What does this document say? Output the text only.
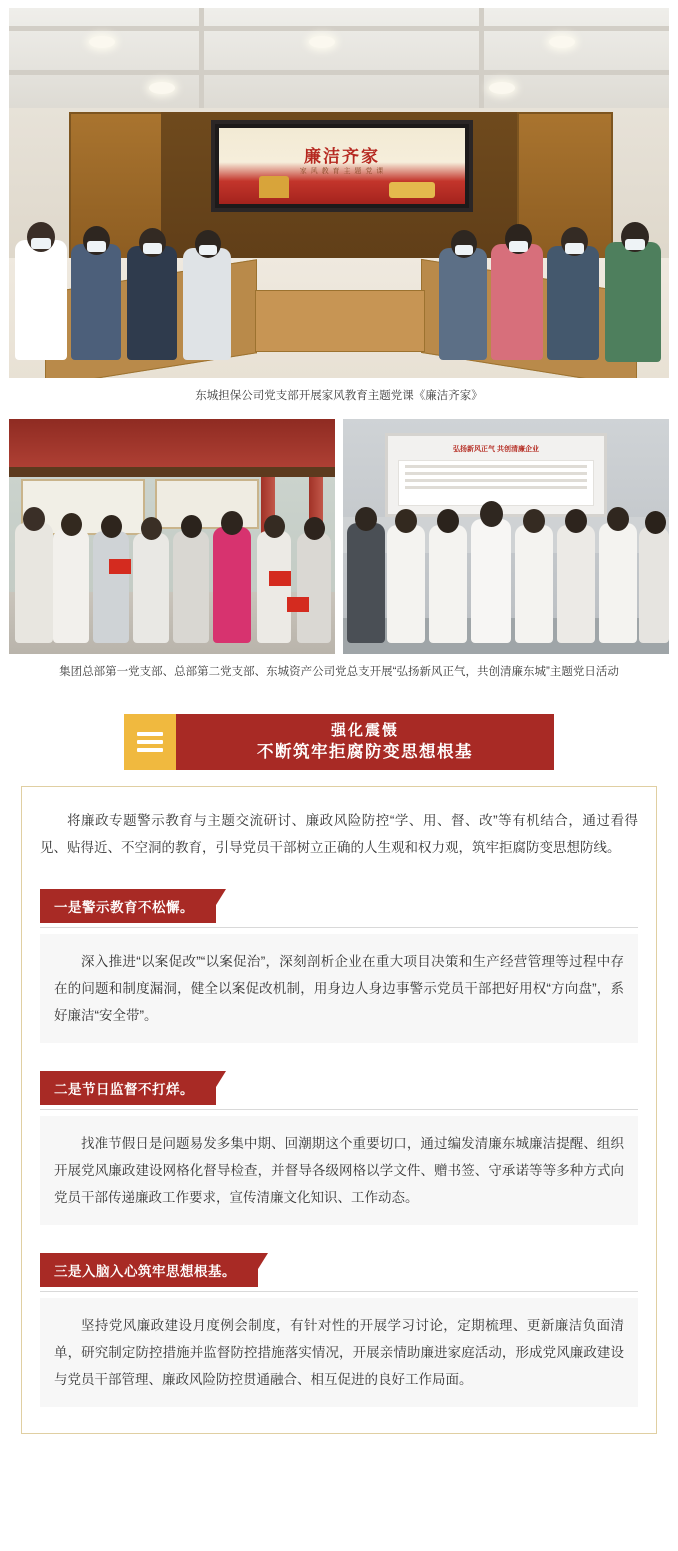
廉洁齐家
家 风 教 育 主 题 党 课
东城担保公司党支部开展家风教育主题党课《廉洁齐家》
弘扬新风正气 共创清廉企业
集团总部第一党支部、总部第二党支部、东城资产公司党总支开展“弘扬新风正气，共创清廉东城”主题党日活动
强化震慑
不断筑牢拒腐防变思想根基

将廉政专题警示教育与主题交流研讨、廉政风险防控“学、用、督、改”等有机结合，通过看得见、贴得近、不空洞的教育，引导党员干部树立正确的人生观和权力观，筑牢拒腐防变思想防线。

一是警示教育不松懈。

深入推进“以案促改”“以案促治”，深刻剖析企业在重大项目决策和生产经营管理等过程中存在的问题和制度漏洞，健全以案促改机制，用身边人身边事警示党员干部把好用权“方向盘”，系好廉洁“安全带”。

二是节日监督不打烊。

找准节假日是问题易发多集中期、回潮期这个重要切口，通过编发清廉东城廉洁提醒、组织开展党风廉政建设网格化督导检查，并督导各级网格以学文件、赠书签、守承诺等等多种方式向党员干部传递廉政工作要求，宣传清廉文化知识、工作动态。

三是入脑入心筑牢思想根基。

坚持党风廉政建设月度例会制度，有针对性的开展学习讨论，定期梳理、更新廉洁负面清单，研究制定防控措施并监督防控措施落实情况，开展亲情助廉进家庭活动，形成党风廉政建设与党员干部管理、廉政风险防控贯通融合、相互促进的良好工作局面。
